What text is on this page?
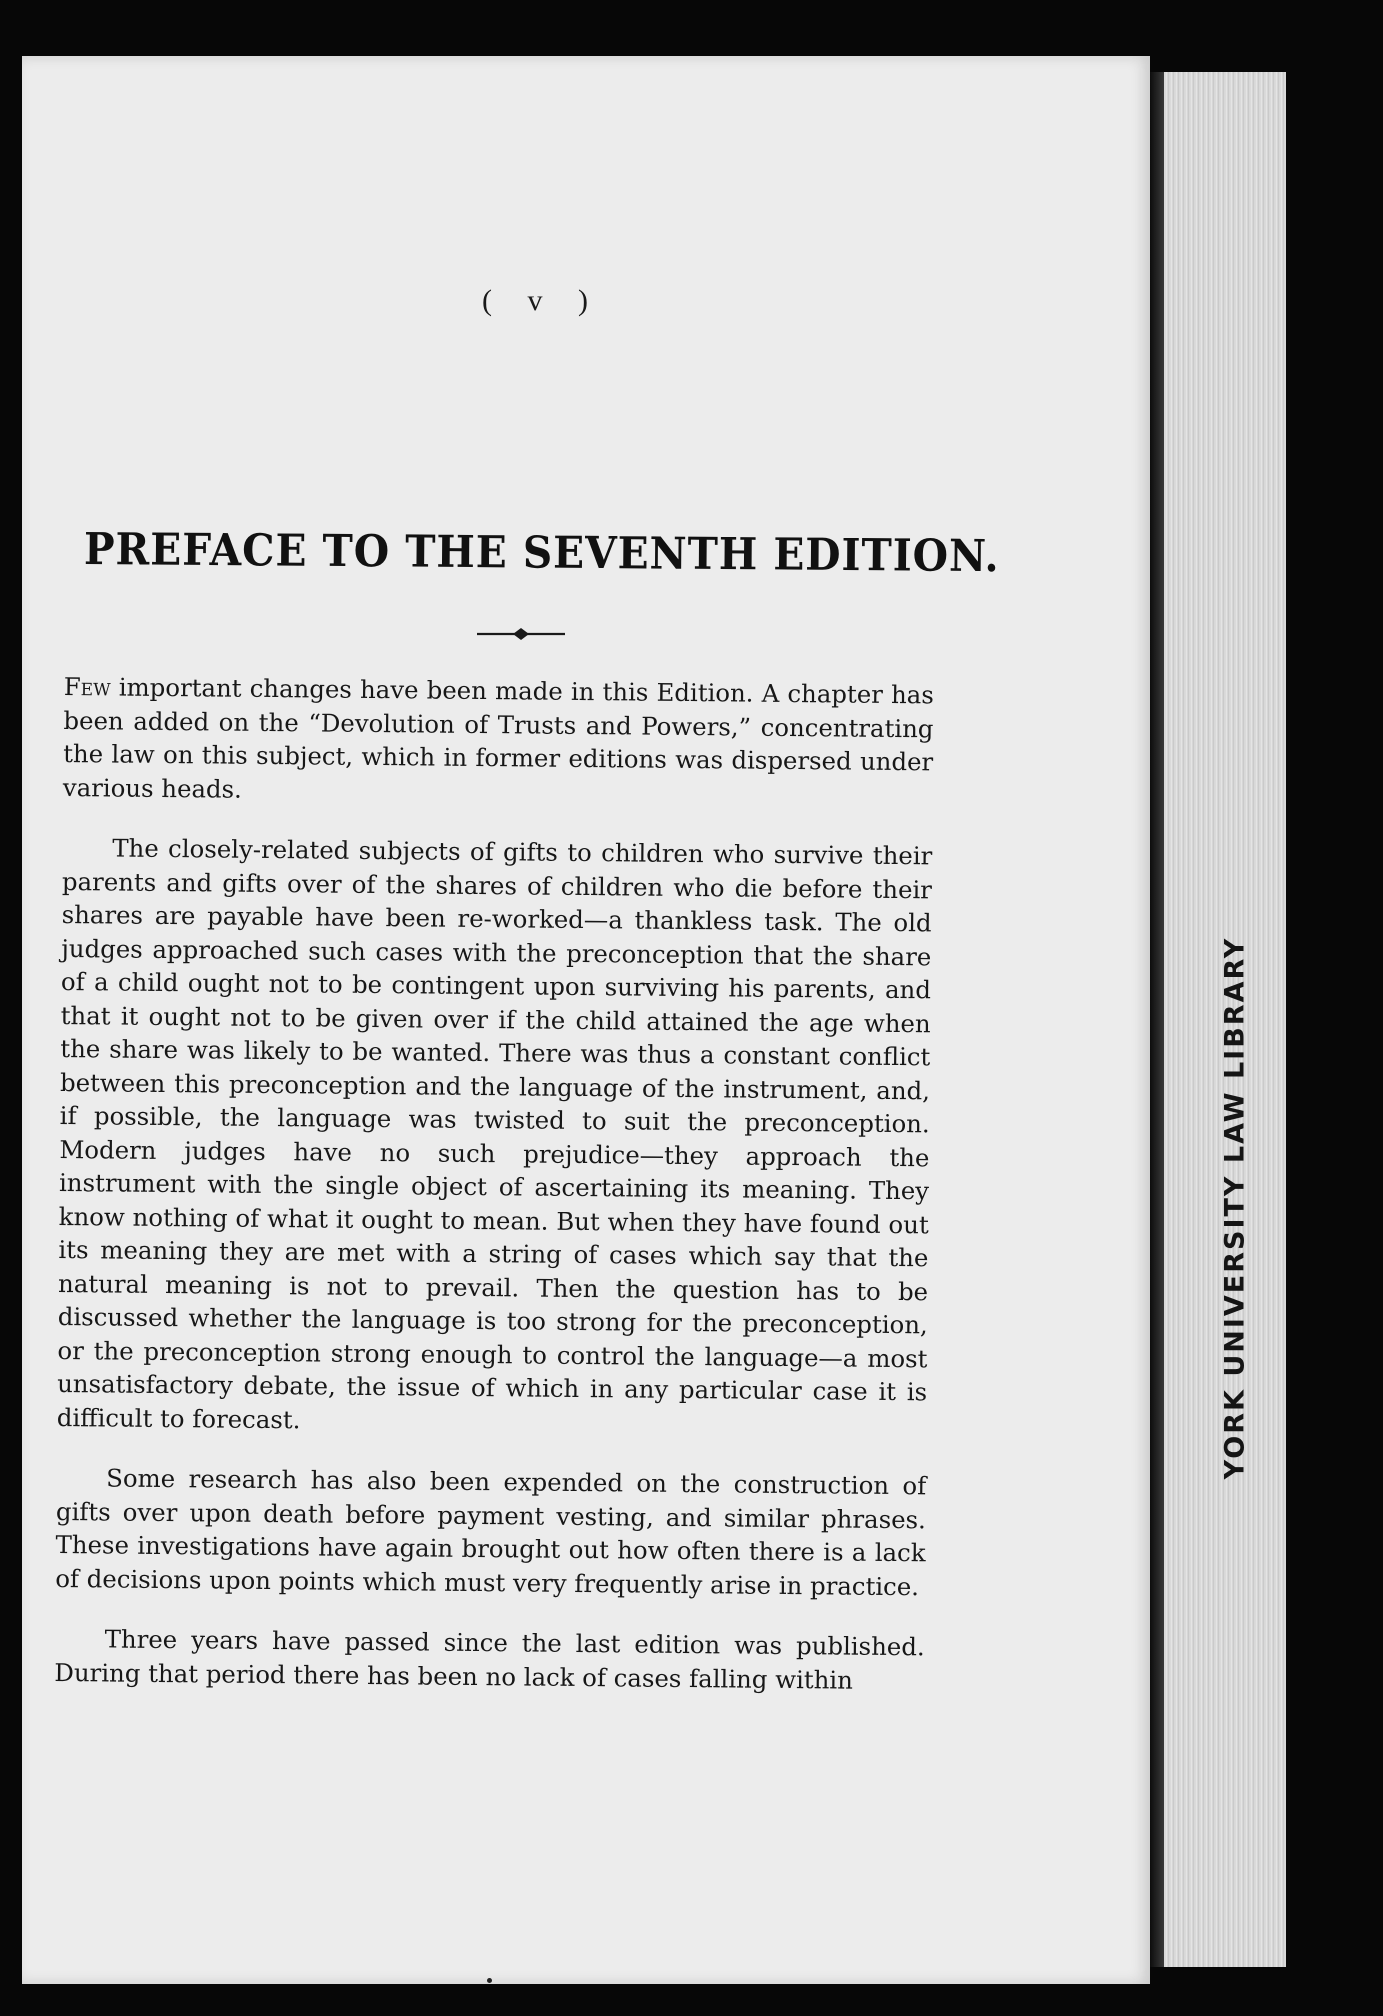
YORK UNIVERSITY LAW LIBRARY
( v )
PREFACE TO THE SEVENTH EDITION.

Few important changes have been made in this Edition. A chapter has been added on the “Devolution of Trusts and Powers,” concentrating the law on this subject, which in former editions was dispersed under various heads.

The closely-related subjects of gifts to children who survive their parents and gifts over of the shares of children who die before their shares are payable have been re-worked—a thankless task. The old judges approached such cases with the preconception that the share of a child ought not to be contingent upon surviving his parents, and that it ought not to be given over if the child attained the age when the share was likely to be wanted. There was thus a constant conflict between this preconception and the language of the instrument, and, if possible, the language was twisted to suit the preconception. Modern judges have no such prejudice—they approach the instrument with the single object of ascertaining its meaning. They know nothing of what it ought to mean. But when they have found out its meaning they are met with a string of cases which say that the natural meaning is not to prevail. Then the question has to be discussed whether the language is too strong for the preconception, or the preconception strong enough to control the language—a most unsatisfactory debate, the issue of which in any particular case it is difficult to forecast.

Some research has also been expended on the construction of gifts over upon death before payment vesting, and similar phrases. These investigations have again brought out how often there is a lack of decisions upon points which must very frequently arise in practice.

Three years have passed since the last edition was published. During that period there has been no lack of cases falling within
